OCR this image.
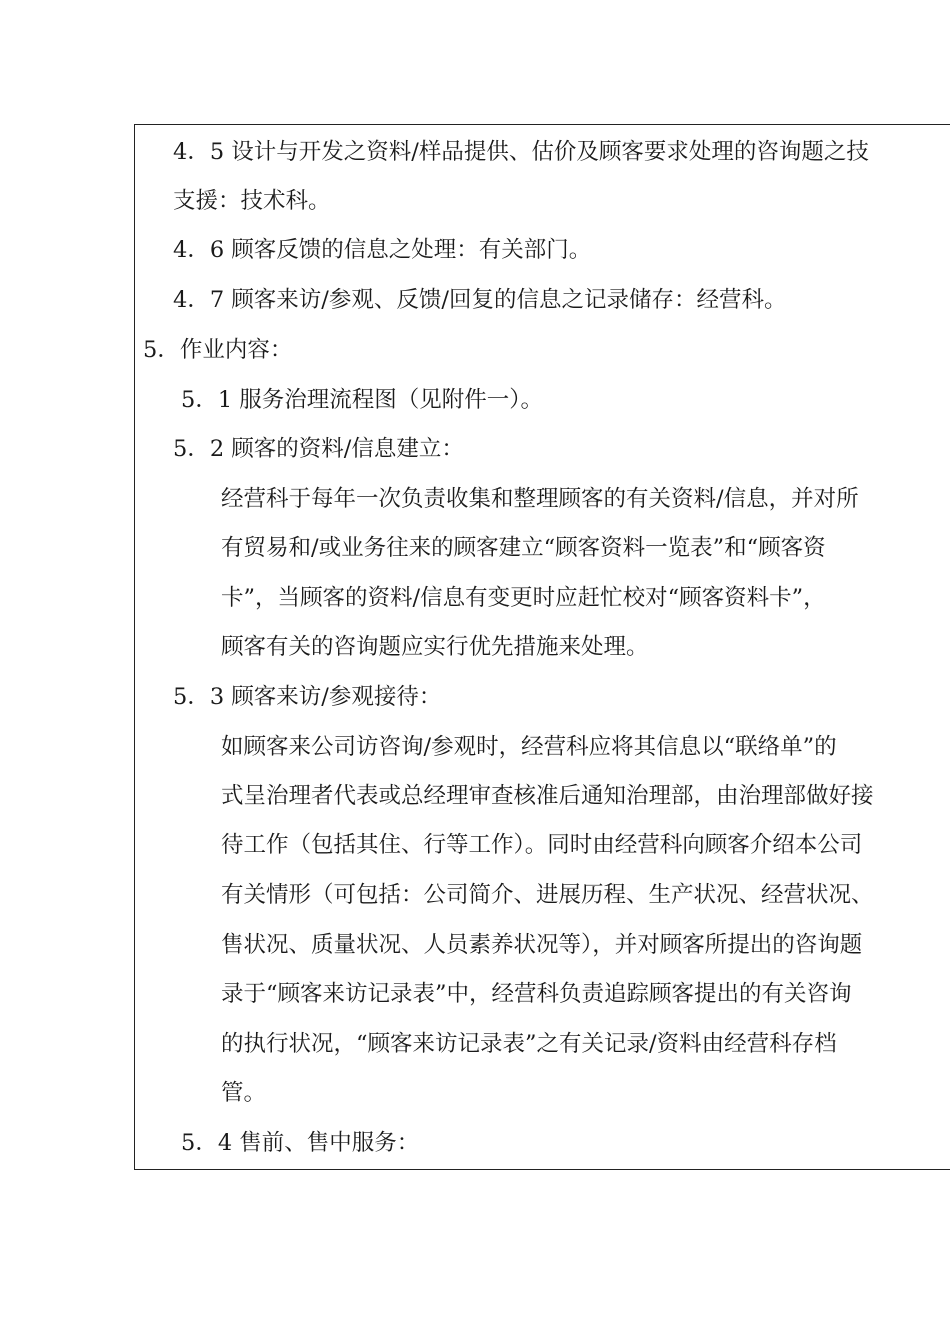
4．5 设计与开发之资料/样品提供、估价及顾客要求处理的咨询题之技
支援：技术科。
4．6 顾客反馈的信息之处理：有关部门。
4．7 顾客来访/参观、反馈/回复的信息之记录储存：经营科。
5．作业内容：
5．1 服务治理流程图（见附件一）。
5．2 顾客的资料/信息建立：
经营科于每年一次负责收集和整理顾客的有关资料/信息，并对所
有贸易和/或业务往来的顾客建立“顾客资料一览表”和“顾客资
卡”，当顾客的资料/信息有变更时应赶忙校对“顾客资料卡”，
顾客有关的咨询题应实行优先措施来处理。
5．3 顾客来访/参观接待：
如顾客来公司访咨询/参观时，经营科应将其信息以“联络单”的
式呈治理者代表或总经理审查核准后通知治理部，由治理部做好接
待工作（包括其住、行等工作）。同时由经营科向顾客介绍本公司
有关情形（可包括：公司简介、进展历程、生产状况、经营状况、
售状况、质量状况、人员素养状况等），并对顾客所提出的咨询题
录于“顾客来访记录表”中，经营科负责追踪顾客提出的有关咨询
的执行状况，“顾客来访记录表”之有关记录/资料由经营科存档
管。
5．4 售前、售中服务：
